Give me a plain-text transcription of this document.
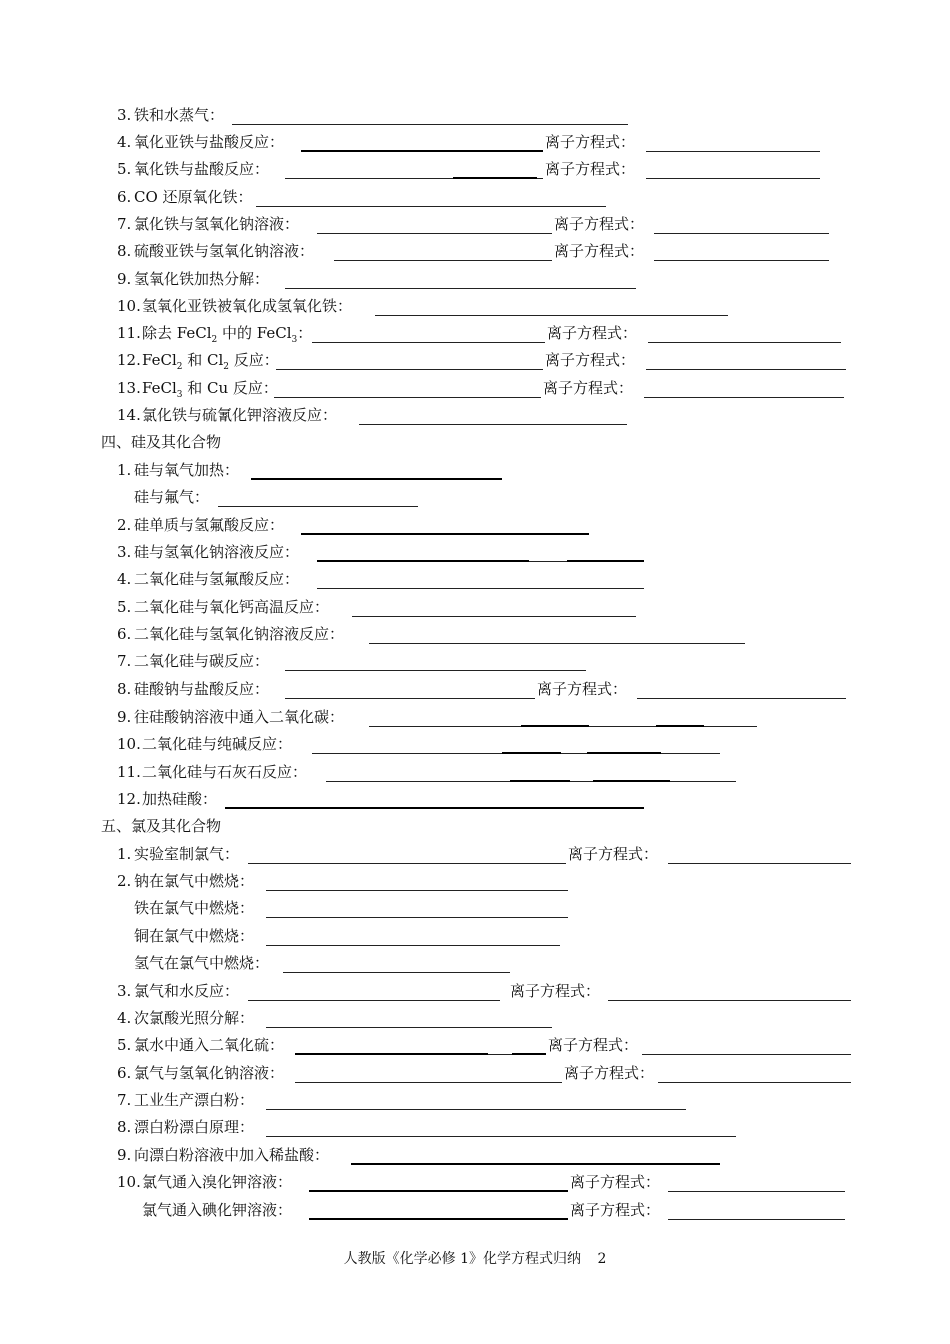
3. 铁和水蒸气：
4. 氧化亚铁与盐酸反应：	离子方程式：
5. 氧化铁与盐酸反应：	离子方程式：
6. CO 还原氧化铁：
7. 氯化铁与氢氧化钠溶液：	离子方程式：
8. 硫酸亚铁与氢氧化钠溶液：	离子方程式：
9. 氢氧化铁加热分解：
10. 氢氧化亚铁被氧化成氢氧化铁：
11. 除去 FeCl$_2$ 中的 FeCl$_3$：	离子方程式：
12. FeCl$_2$ 和 $Cl_2$ 反应：	离子方程式：
13. FeCl$_3$ 和 Cu 反应：	离子方程式：
14. 氯化铁与硫氰化钾溶液反应：
四、硅及其化合物
1. 硅与氧气加热：
硅与氟气：
2. 硅单质与氢氟酸反应：
3. 硅与氢氧化钠溶液反应：
4. 二氧化硅与氢氟酸反应：
5. 二氧化硅与氧化钙高温反应：
6. 二氧化硅与氢氧化钠溶液反应：
7. 二氧化硅与碳反应：
8. 硅酸钠与盐酸反应：	离子方程式：
9. 往硅酸钠溶液中通入二氧化碳：
10. 二氧化硅与纯碱反应：
11. 二氧化硅与石灰石反应：
12. 加热硅酸：
五、氯及其化合物
1. 实验室制氯气：	离子方程式：
2. 钠在氯气中燃烧：
铁在氯气中燃烧：
铜在氯气中燃烧：
氢气在氯气中燃烧：
3. 氯气和水反应：	离子方程式：
4. 次氯酸光照分解：
5. 氯水中通入二氧化硫：	离子方程式：
6. 氯气与氢氧化钠溶液：	离子方程式：
7. 工业生产漂白粉：
8. 漂白粉漂白原理：
9. 向漂白粉溶液中加入稀盐酸：
10. 氯气通入溴化钾溶液：	离子方程式：
氯气通入碘化钾溶液：	离子方程式：
人教版《化学必修 1》化学方程式归纳 2
